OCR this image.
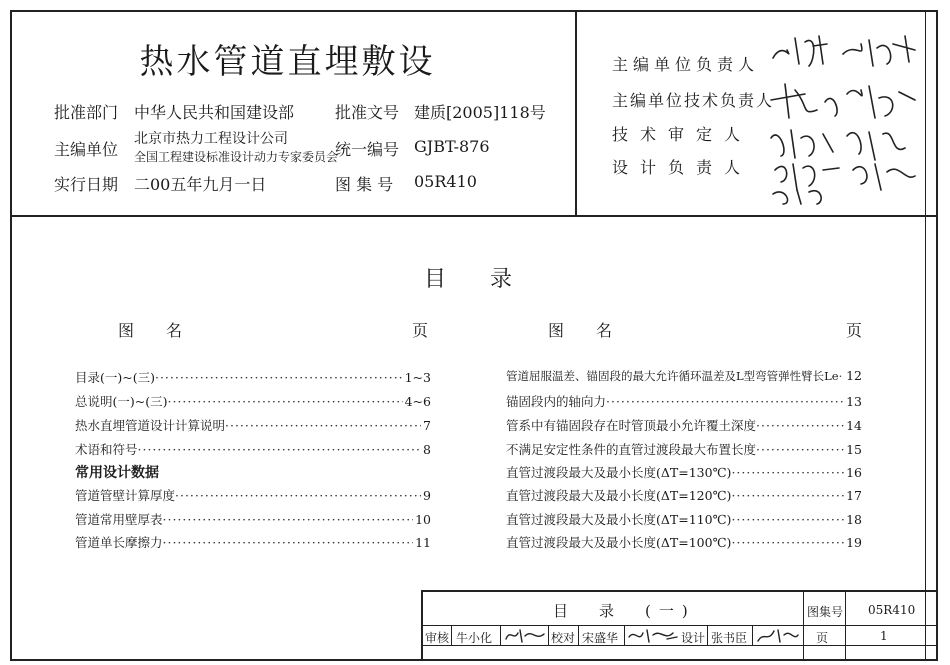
热水管道直埋敷设
批准部门 中华人民共和国建设部	批准文号 建质[2005]118号
主编单位
北京市热力工程设计公司
全国工程建设标准设计动力专家委员会
统一编号 GJBT-876
实行日期 二00五年九月一日	图 集 号 05R410
主编单位负责人
主编单位技术负责人
技术审定人
设计负责人
目　　录
图　　名	页	图　　名	页
目录(一)~(三) ·····	1~3
总说明(一)~(三) ·····	4~6
热水直埋管道设计计算说明 ·····	7
术语和符号 ·····	8
常用设计数据
管道管壁计算厚度 ·····	9
管道常用壁厚表 ·····	10
管道单长摩擦力 ·····	11
管道屈服温差、锚固段的最大允许循环温差及L型弯管弹性臂长Le ····· 12
锚固段内的轴向力 ·····	13
管系中有锚固段存在时管顶最小允许覆土深度 ·····	14
不满足安定性条件的直管过渡段最大布置长度 ·····	15
直管过渡段最大及最小长度(ΔT=130℃) ·····	16
直管过渡段最大及最小长度(ΔT=120℃) ·····	17
直管过渡段最大及最小长度(ΔT=110℃) ·····	18
直管过渡段最大及最小长度(ΔT=100℃) ·····	19
目　录　(一)	图集号 05R410
审核 牛小化	校对 宋盛华	设计 张书臣	页	1
